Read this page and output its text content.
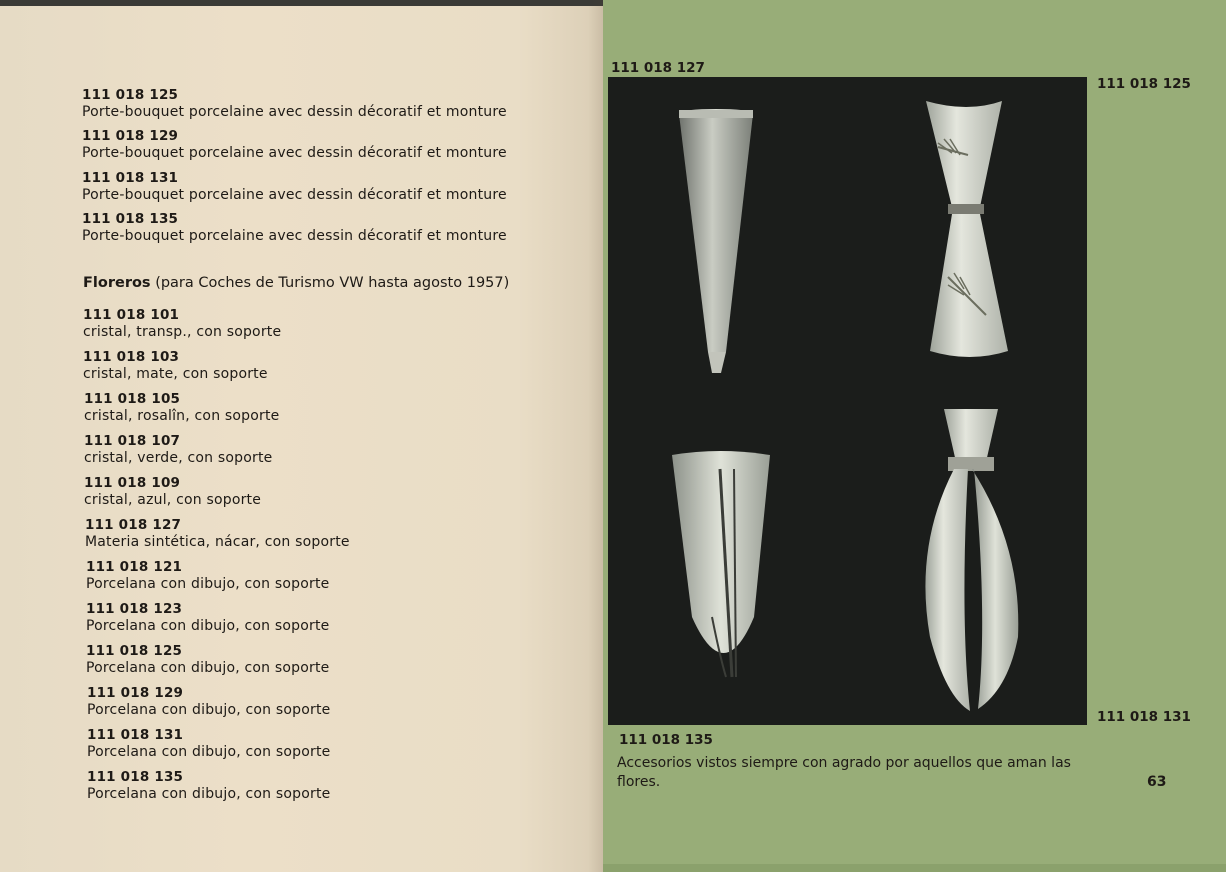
111 018 125
Porte-bouquet porcelaine avec dessin décoratif et monture
111 018 129
Porte-bouquet porcelaine avec dessin décoratif et monture
111 018 131
Porte-bouquet porcelaine avec dessin décoratif et monture
111 018 135
Porte-bouquet porcelaine avec dessin décoratif et monture
Floreros (para Coches de Turismo VW hasta agosto 1957)
111 018 101
cristal, transp., con soporte
111 018 103
cristal, mate, con soporte
111 018 105
cristal, rosalîn, con soporte
111 018 107
cristal, verde, con soporte
111 018 109
cristal, azul, con soporte
111 018 127
Materia sintética, nácar, con soporte
111 018 121
Porcelana con dibujo, con soporte
111 018 123
Porcelana con dibujo, con soporte
111 018 125
Porcelana con dibujo, con soporte
111 018 129
Porcelana con dibujo, con soporte
111 018 131
Porcelana con dibujo, con soporte
111 018 135
Porcelana con dibujo, con soporte
111 018 127
111 018 125
111 018 131
111 018 135
Accesorios vistos siempre con agrado por aquellos que aman las flores.	63
